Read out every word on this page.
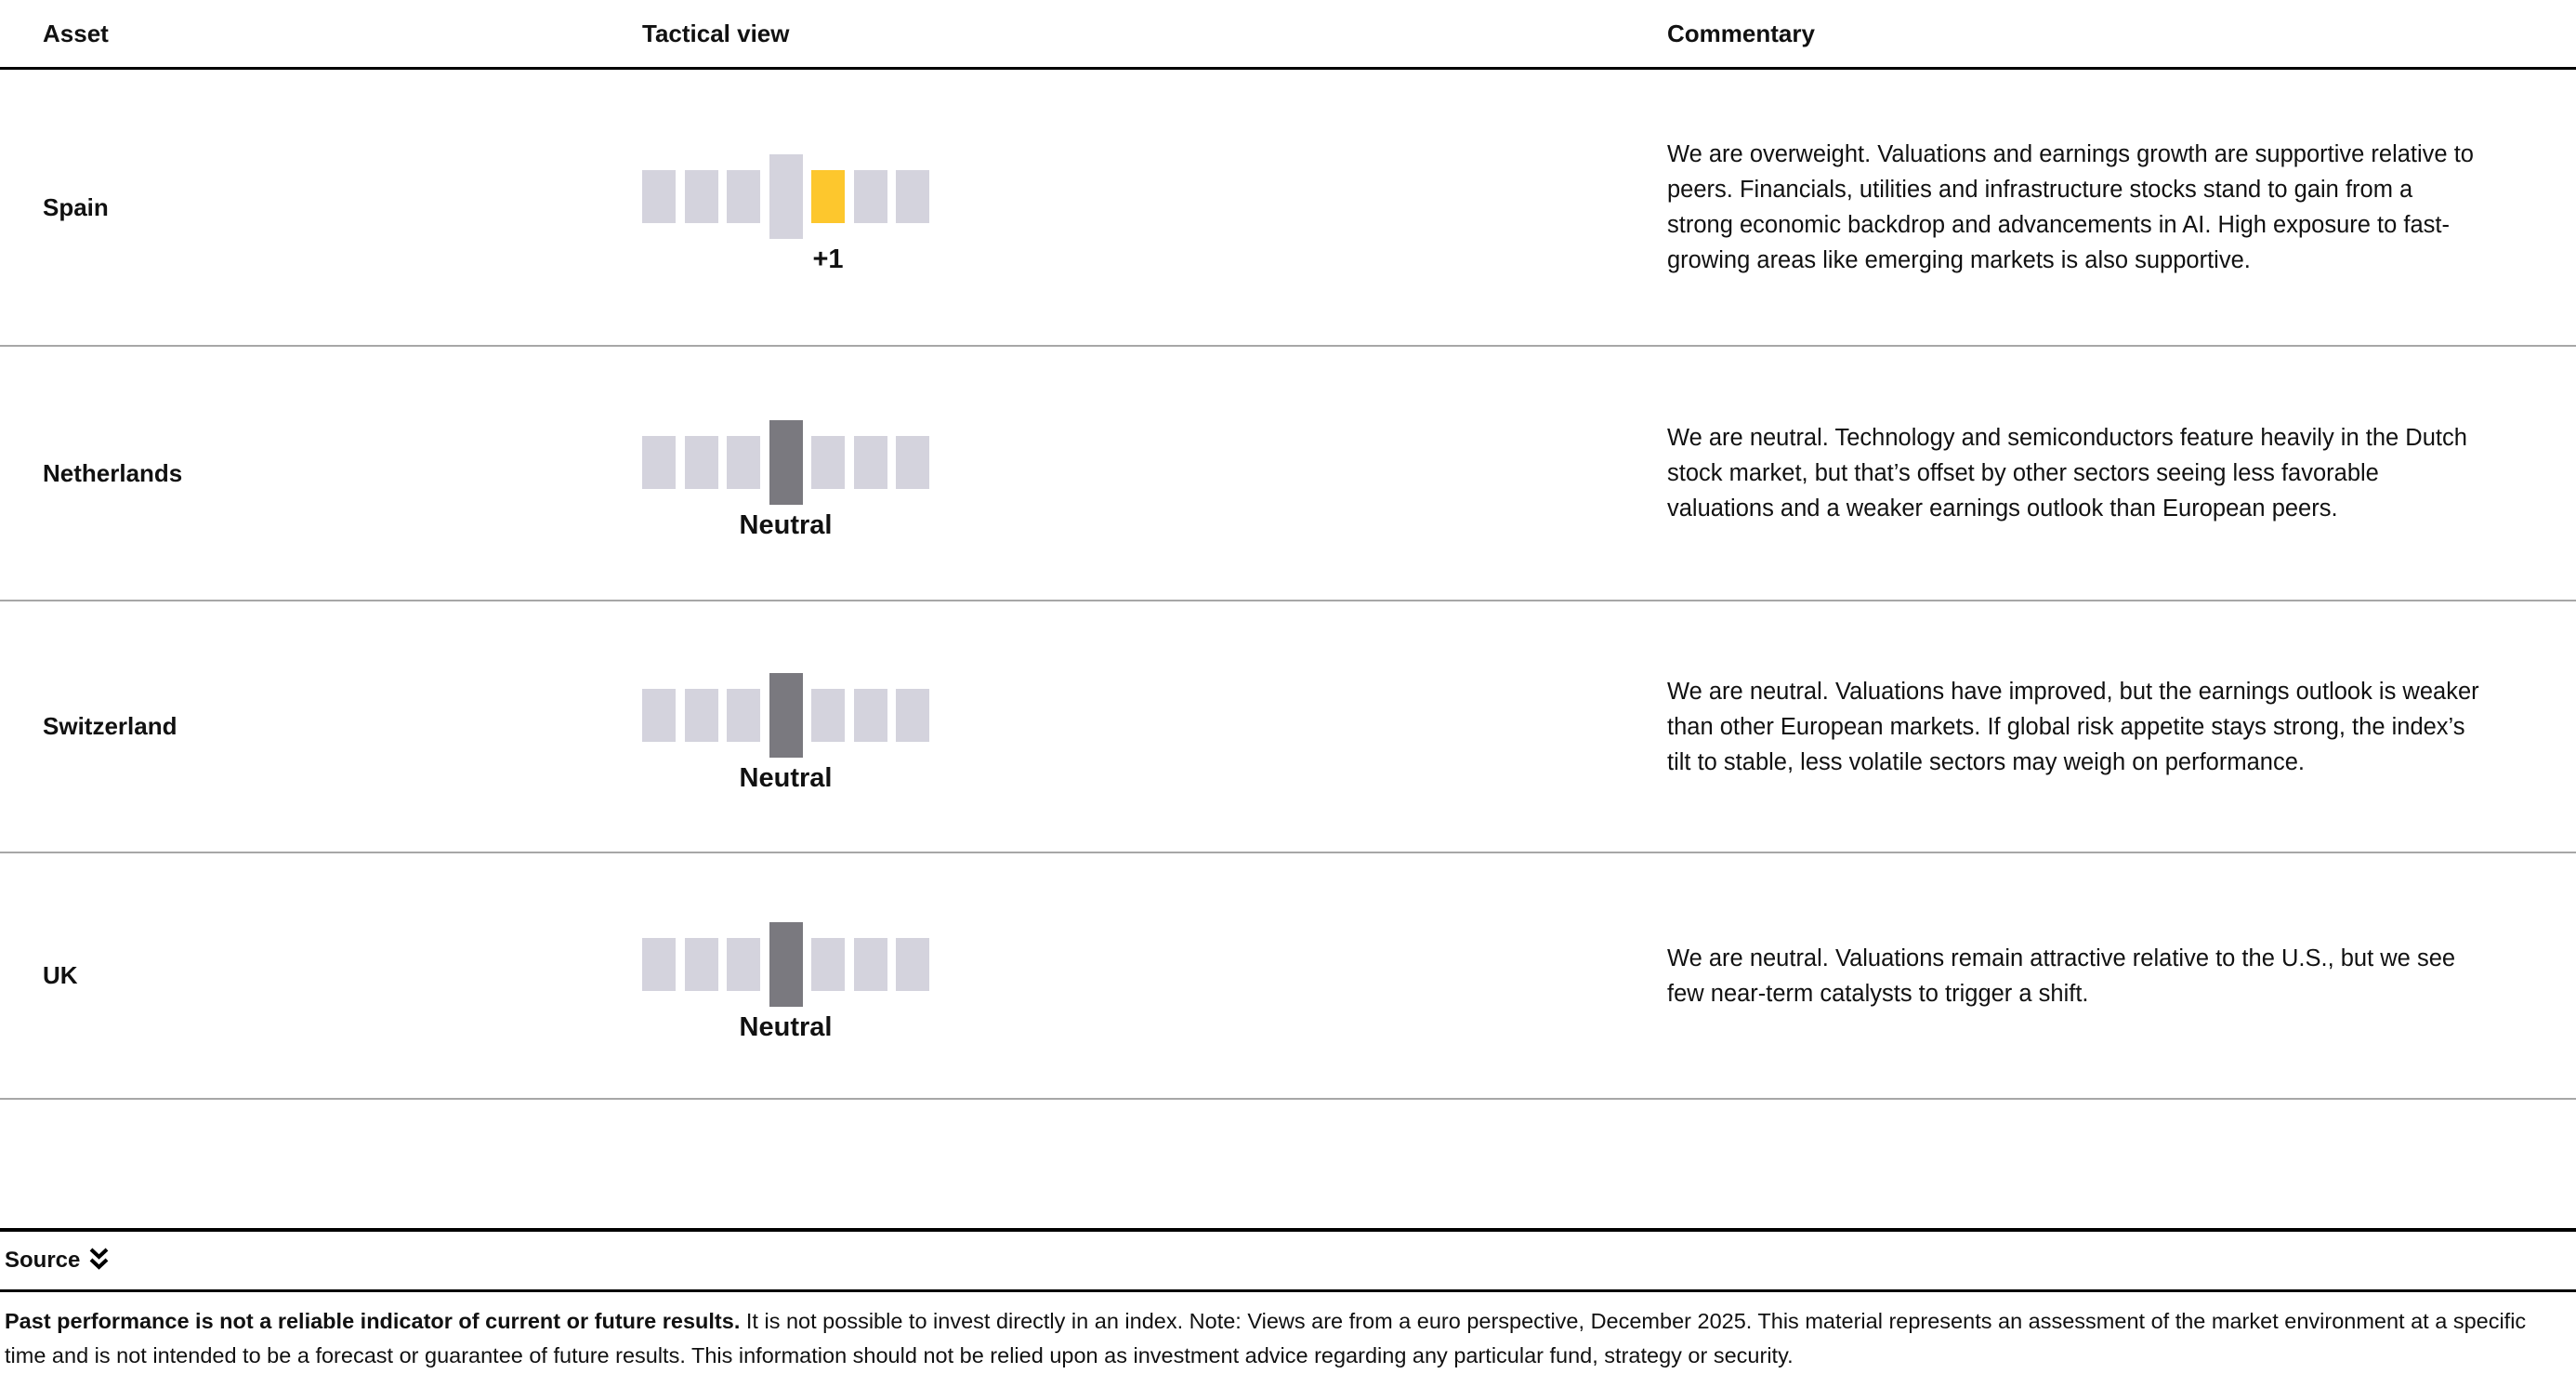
Asset	Tactical view	Commentary
Spain
+1
We are overweight. Valuations and earnings growth are supportive relative to peers. Financials, utilities and infrastructure stocks stand to gain from a strong economic backdrop and advancements in AI. High exposure to fast-growing areas like emerging markets is also supportive.
Netherlands
Neutral
We are neutral. Technology and semiconductors feature heavily in the Dutch stock market, but that’s offset by other sectors seeing less favorable valuations and a weaker earnings outlook than European peers.
Switzerland
Neutral
We are neutral. Valuations have improved, but the earnings outlook is weaker than other European markets. If global risk appetite stays strong, the index’s tilt to stable, less volatile sectors may weigh on performance.
UK
Neutral
We are neutral. Valuations remain attractive relative to the U.S., but we see few near-term catalysts to trigger a shift.
Source

Past performance is not a reliable indicator of current or future results. It is not possible to invest directly in an index. Note: Views are from a euro perspective, December 2025. This material represents an assessment of the market environment at a specific time and is not intended to be a forecast or guarantee of future results. This information should not be relied upon as investment advice regarding any particular fund, strategy or security.
